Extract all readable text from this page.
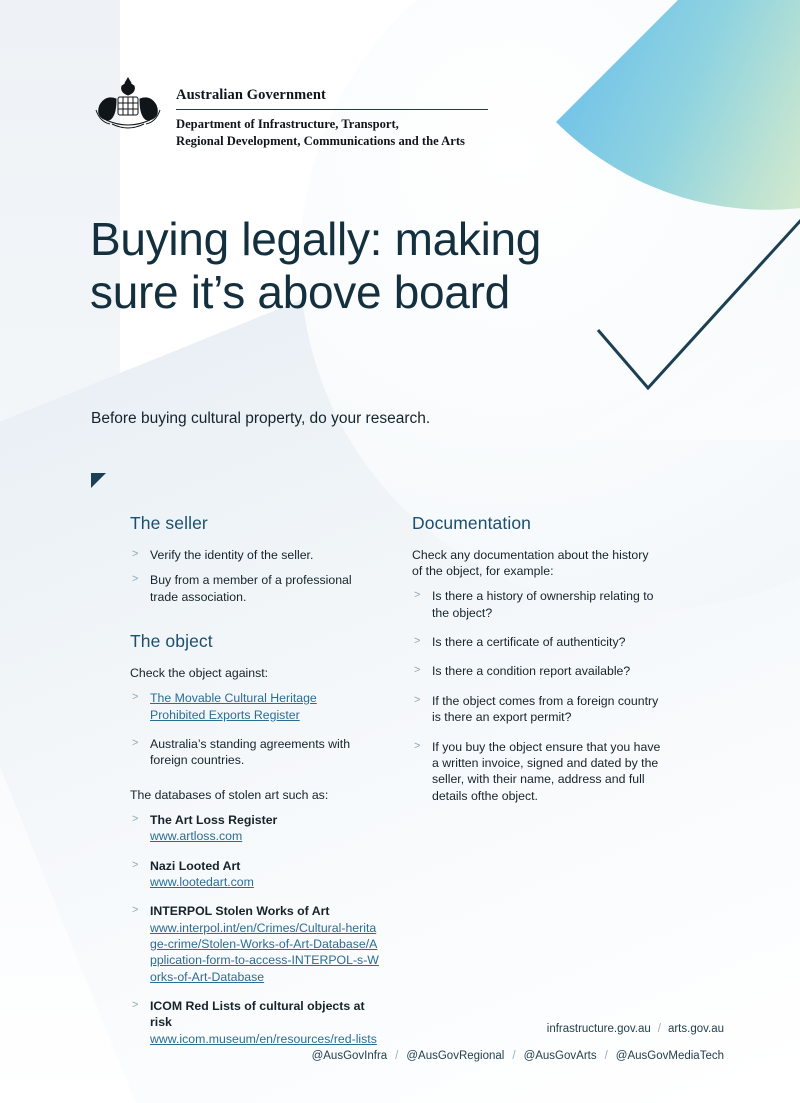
Australian Government
Department of Infrastructure, Transport,
Regional Development, Communications and the Arts
Buying legally: making sure it’s above board
Before buying cultural property, do your research.
The seller
> Verify the identity of the seller.
> Buy from a member of a professional trade association.
The object

Check the object against:

> The Movable Cultural Heritage
Prohibited Exports Register
> Australia’s standing agreements with foreign countries.

The databases of stolen art such as:

> The Art Loss Register
www.artloss.com
> Nazi Looted Art
www.lootedart.com
> INTERPOL Stolen Works of Art
www.interpol.int/en/Crimes/Cultural-heritage-crime/Stolen-Works-of-Art-Database/Application-form-to-access-INTERPOL-s-Works-of-Art-Database
> ICOM Red Lists of cultural objects at risk
www.icom.museum/en/resources/red-lists
Documentation

Check any documentation about the history of the object, for example:

> Is there a history of ownership relating to the object?
> Is there a certificate of authenticity?
> Is there a condition report available?
> If the object comes from a foreign country is there an export permit?
> If you buy the object ensure that you have a written invoice, signed and dated by the seller, with their name, address and full details ofthe object.
infrastructure.gov.au / arts.gov.au
@AusGovInfra / @AusGovRegional / @AusGovArts / @AusGovMediaTech
